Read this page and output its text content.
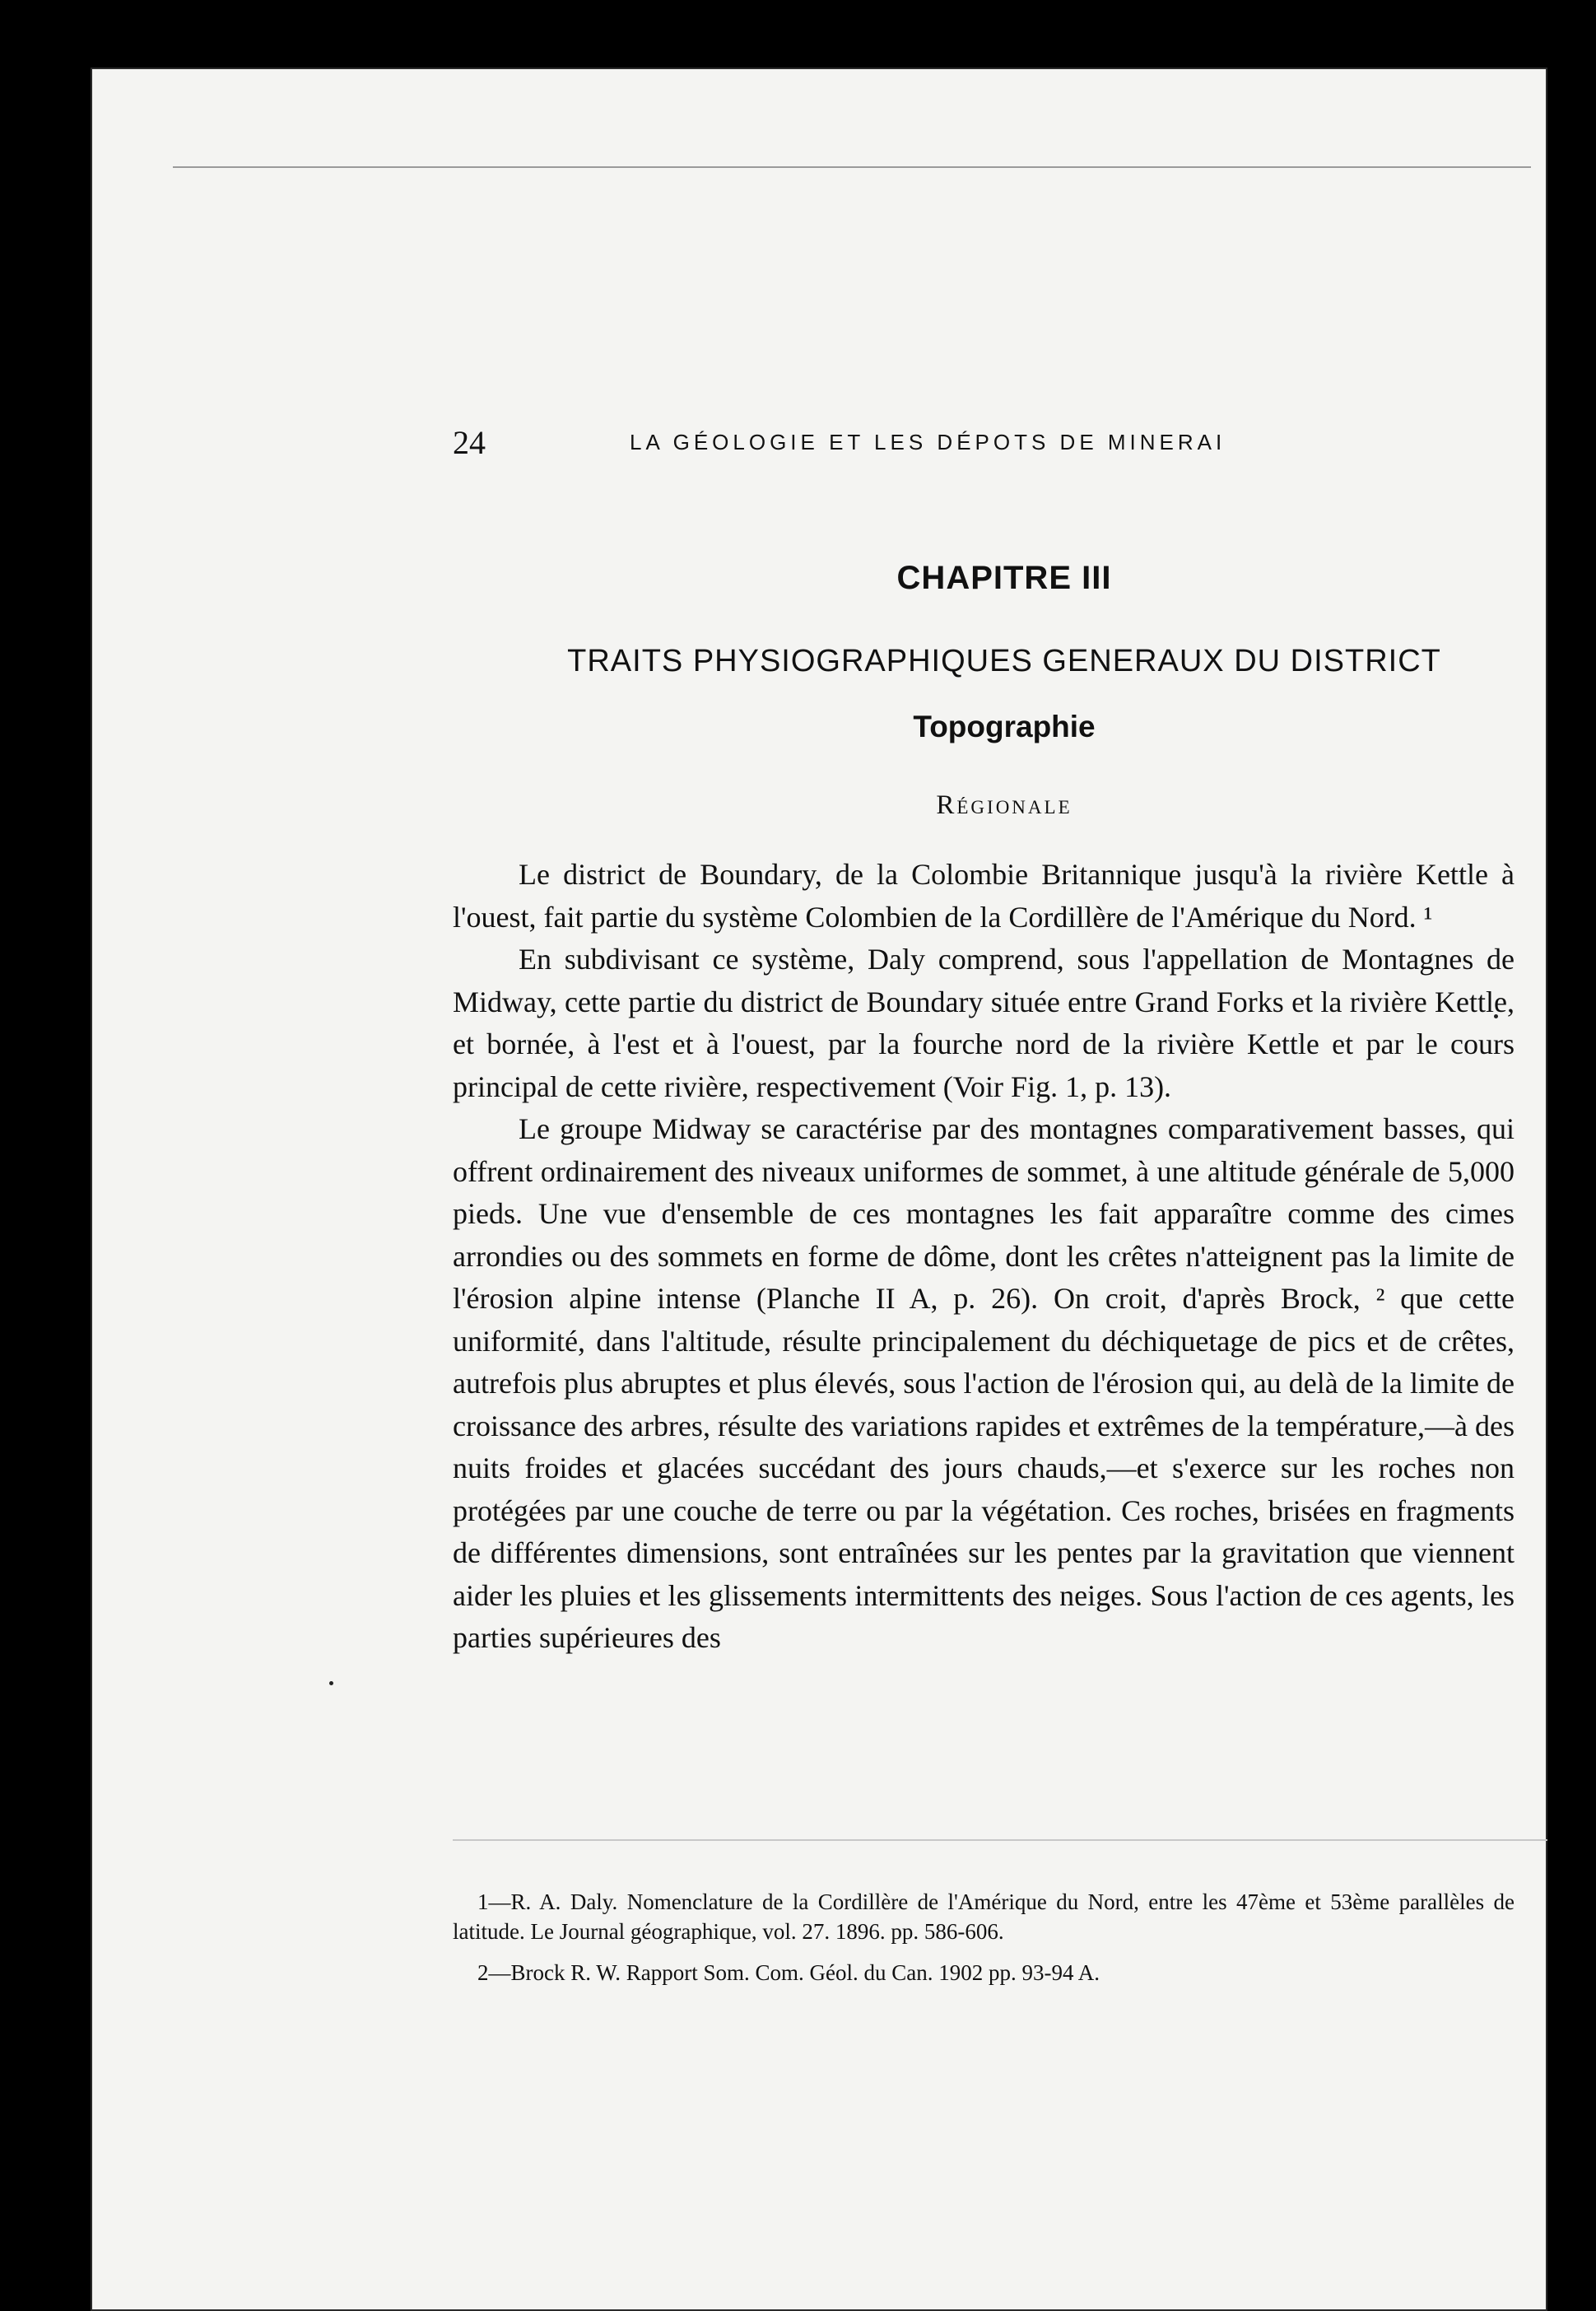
24	LA GÉOLOGIE ET LES DÉPOTS DE MINERAI
CHAPITRE III
TRAITS PHYSIOGRAPHIQUES GENERAUX DU DISTRICT
Topographie
Régionale

Le district de Boundary, de la Colombie Britannique jusqu'à la rivière Kettle à l'ouest, fait partie du système Colombien de la Cordillère de l'Amérique du Nord. ¹

En subdivisant ce système, Daly comprend, sous l'appellation de Montagnes de Midway, cette partie du district de Boundary située entre Grand Forks et la rivière Kettle, et bornée, à l'est et à l'ouest, par la fourche nord de la rivière Kettle et par le cours principal de cette rivière, respectivement (Voir Fig. 1, p. 13).

Le groupe Midway se caractérise par des montagnes comparativement basses, qui offrent ordinairement des niveaux uniformes de sommet, à une altitude générale de 5,000 pieds. Une vue d'ensemble de ces montagnes les fait apparaître comme des cimes arrondies ou des sommets en forme de dôme, dont les crêtes n'atteignent pas la limite de l'érosion alpine intense (Planche II A, p. 26). On croit, d'après Brock, ² que cette uniformité, dans l'altitude, résulte principalement du déchiquetage de pics et de crêtes, autrefois plus abruptes et plus élevés, sous l'action de l'érosion qui, au delà de la limite de croissance des arbres, résulte des variations rapides et extrêmes de la température,—à des nuits froides et glacées succédant des jours chauds,—et s'exerce sur les roches non protégées par une couche de terre ou par la végétation. Ces roches, brisées en fragments de différentes dimensions, sont entraînées sur les pentes par la gravitation que viennent aider les pluies et les glissements intermittents des neiges. Sous l'action de ces agents, les parties supérieures des

1—R. A. Daly. Nomenclature de la Cordillère de l'Amérique du Nord, entre les 47ème et 53ème parallèles de latitude. Le Journal géographique, vol. 27. 1896. pp. 586-606.

2—Brock R. W. Rapport Som. Com. Géol. du Can. 1902 pp. 93-94 A.
